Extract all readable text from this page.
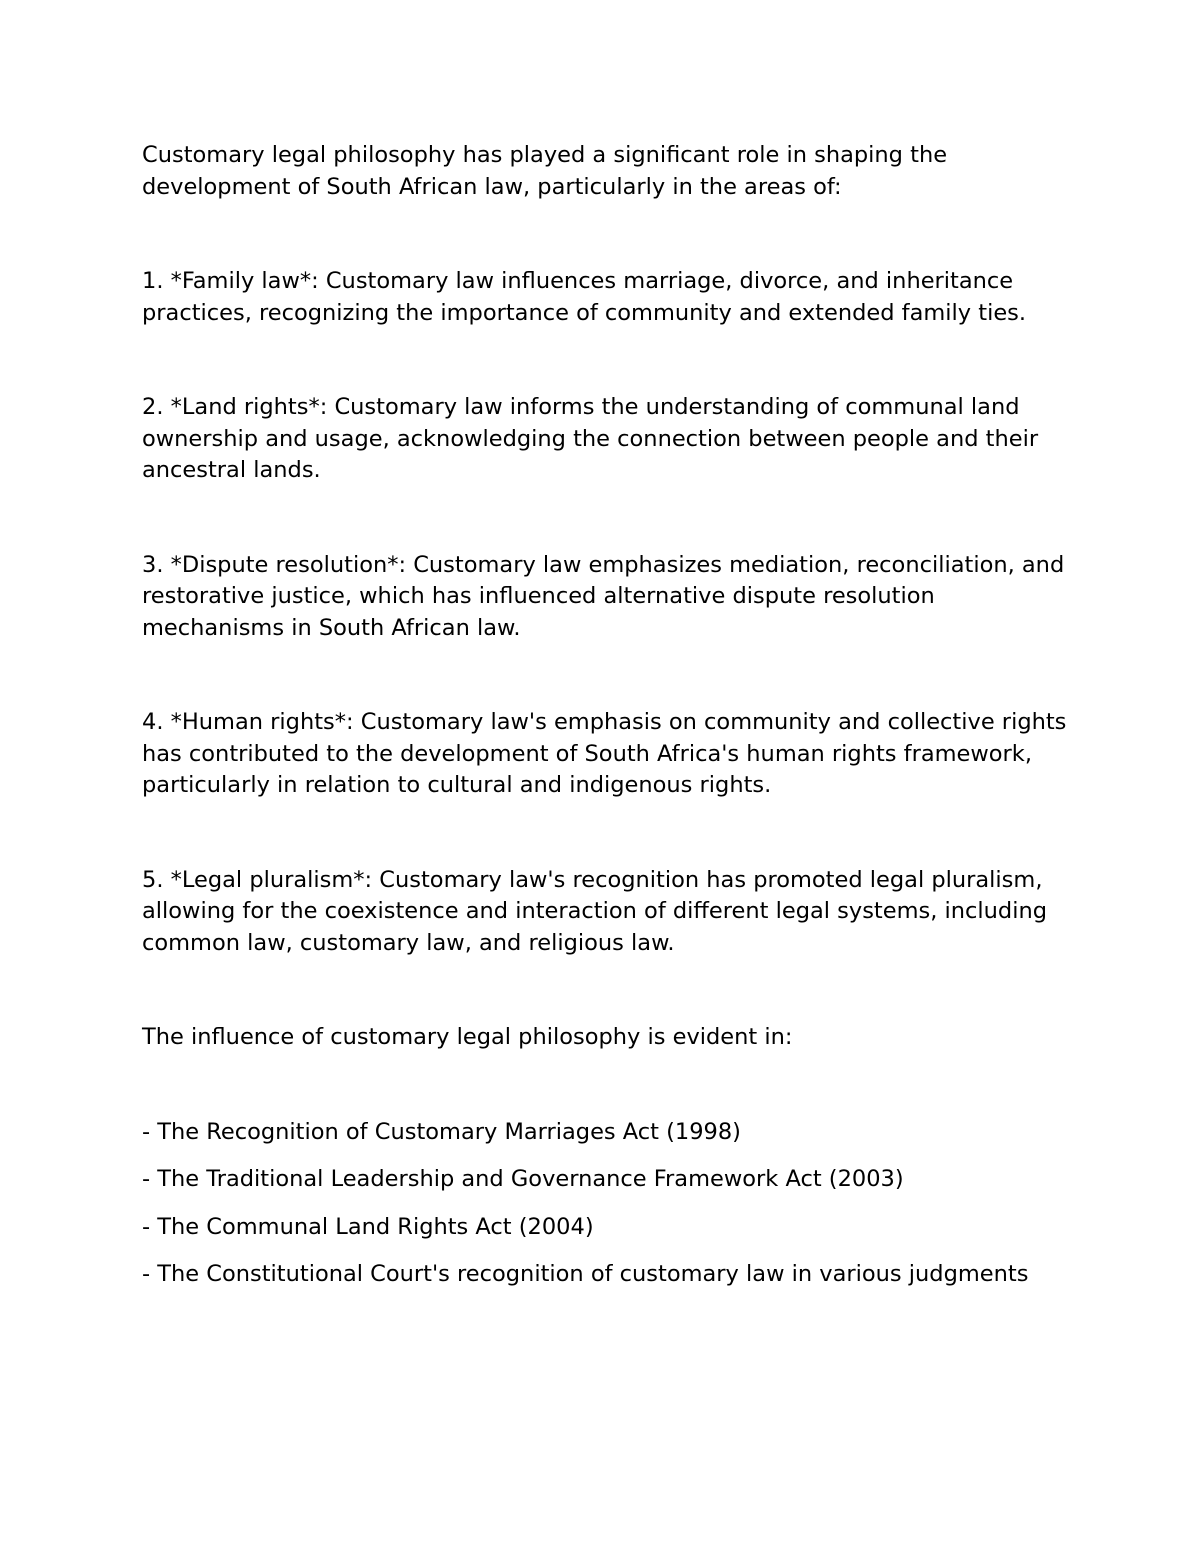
Customary legal philosophy has played a significant role in shaping the development of South African law, particularly in the areas of:

1. *Family law*: Customary law influences marriage, divorce, and inheritance practices, recognizing the importance of community and extended family ties.

2. *Land rights*: Customary law informs the understanding of communal land ownership and usage, acknowledging the connection between people and their ancestral lands.

3. *Dispute resolution*: Customary law emphasizes mediation, reconciliation, and restorative justice, which has influenced alternative dispute resolution mechanisms in South African law.

4. *Human rights*: Customary law's emphasis on community and collective rights has contributed to the development of South Africa's human rights framework, particularly in relation to cultural and indigenous rights.

5. *Legal pluralism*: Customary law's recognition has promoted legal pluralism, allowing for the coexistence and interaction of different legal systems, including common law, customary law, and religious law.

The influence of customary legal philosophy is evident in:

- The Recognition of Customary Marriages Act (1998)

- The Traditional Leadership and Governance Framework Act (2003)

- The Communal Land Rights Act (2004)

- The Constitutional Court's recognition of customary law in various judgments
